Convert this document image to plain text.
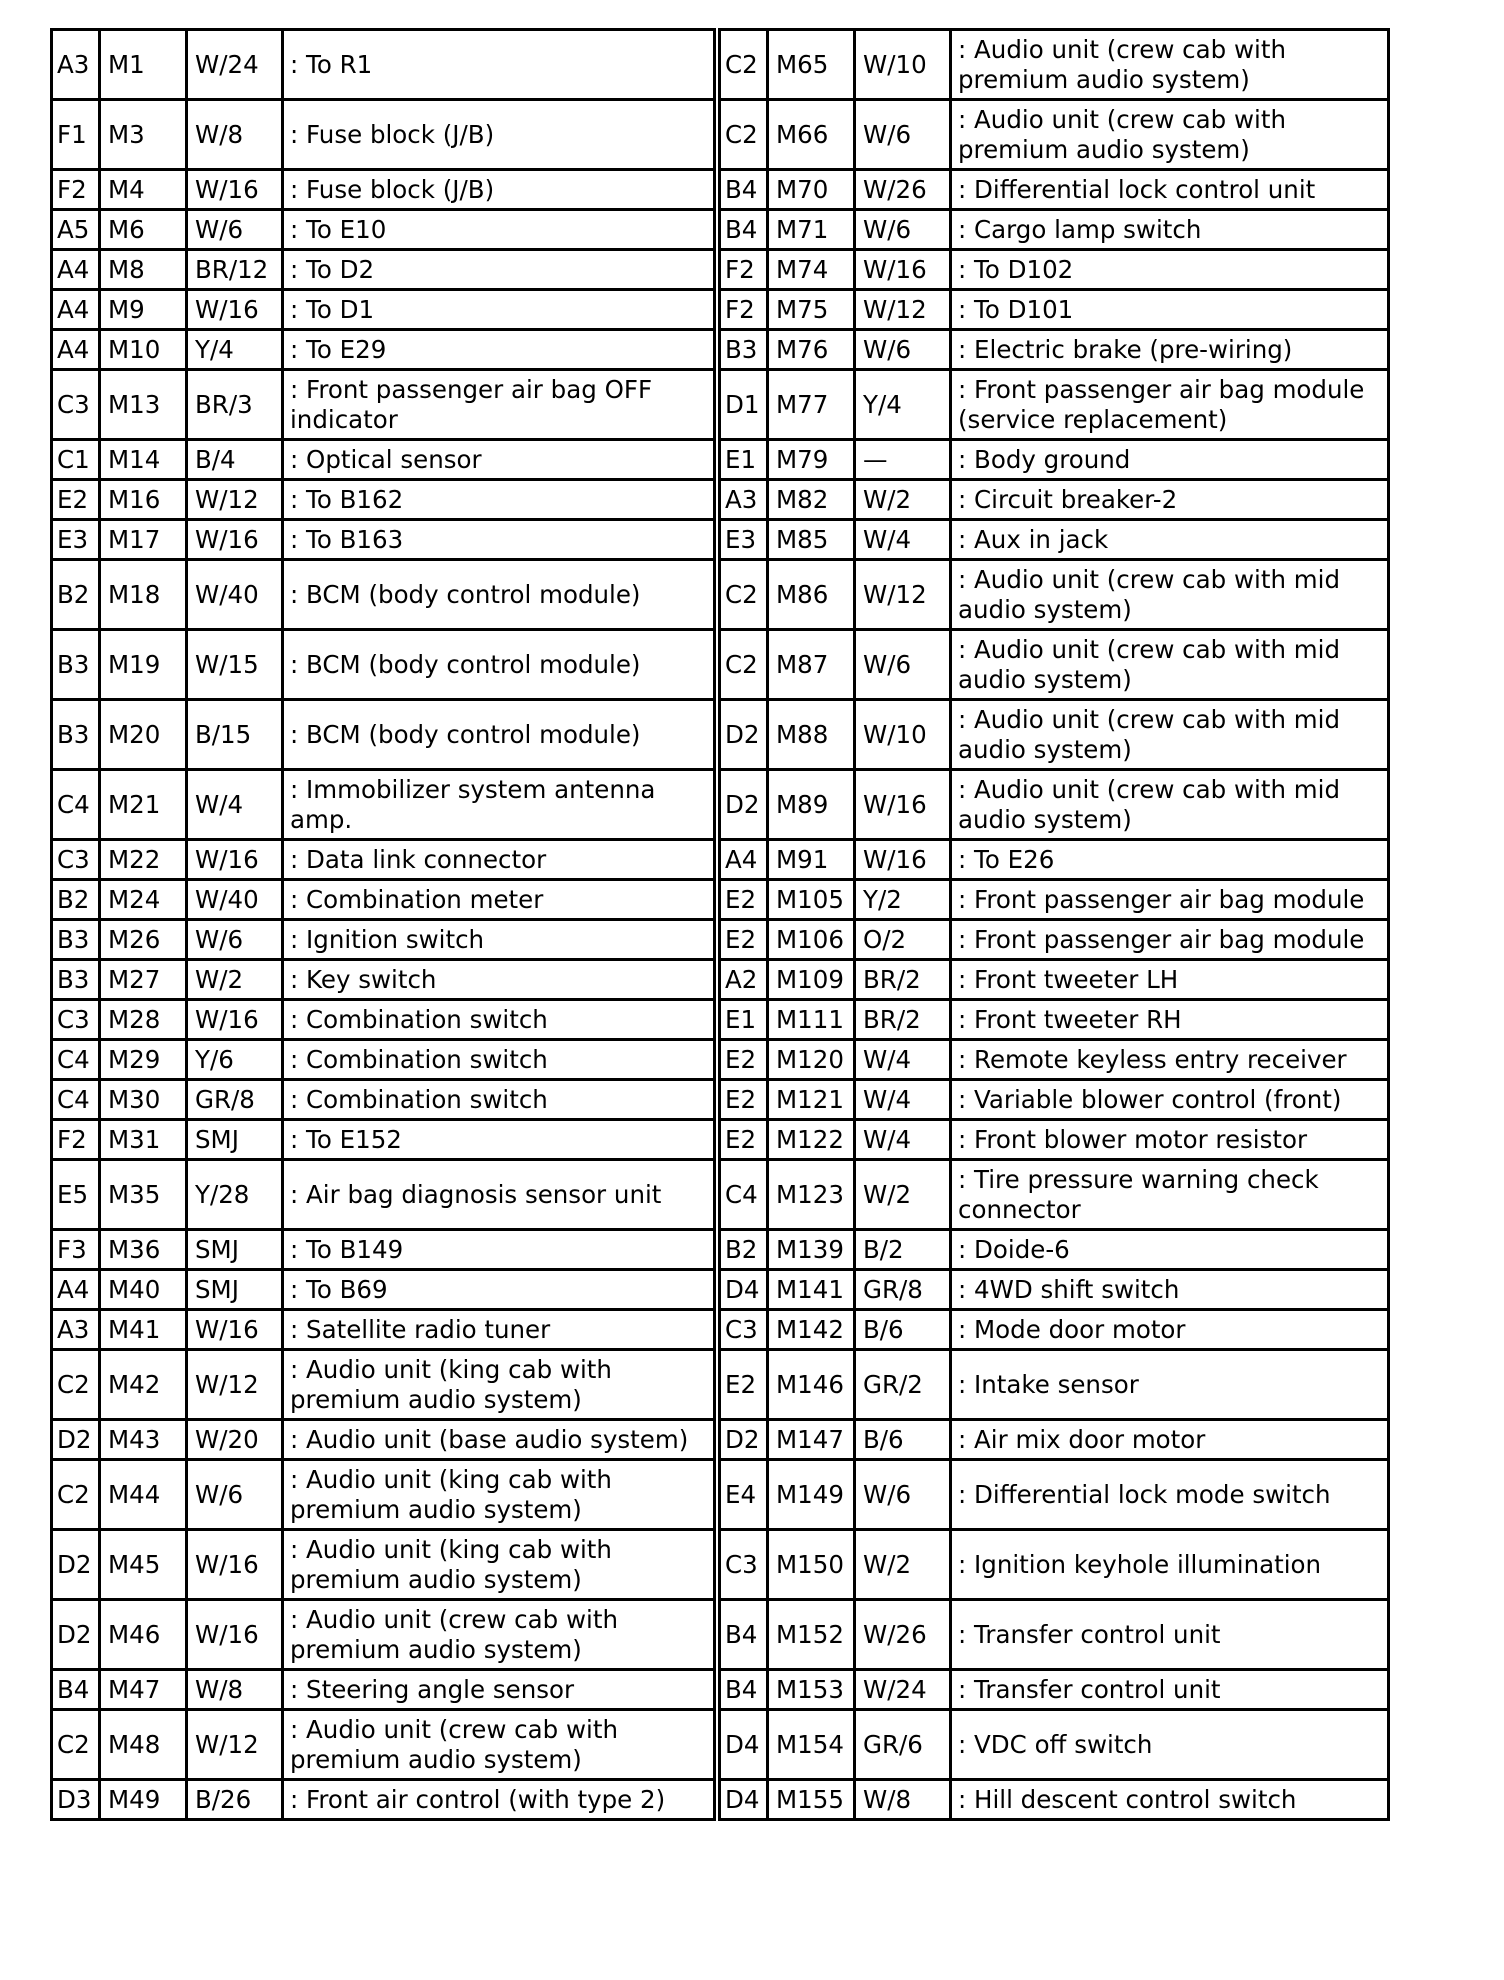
A3	M1	W/24	: To R1
F1	M3	W/8	: Fuse block (J/B)
F2	M4	W/16	: Fuse block (J/B)
A5	M6	W/6	: To E10
A4	M8	BR/12	: To D2
A4	M9	W/16	: To D1
A4	M10	Y/4	: To E29
C3	M13	BR/3	: Front passenger air bag OFF indicator
C1	M14	B/4	: Optical sensor
E2	M16	W/12	: To B162
E3	M17	W/16	: To B163
B2	M18	W/40	: BCM (body control module)
B3	M19	W/15	: BCM (body control module)
B3	M20	B/15	: BCM (body control module)
C4	M21	W/4	: Immobilizer system antenna amp.
C3	M22	W/16	: Data link connector
B2	M24	W/40	: Combination meter
B3	M26	W/6	: Ignition switch
B3	M27	W/2	: Key switch
C3	M28	W/16	: Combination switch
C4	M29	Y/6	: Combination switch
C4	M30	GR/8	: Combination switch
F2	M31	SMJ	: To E152
E5	M35	Y/28	: Air bag diagnosis sensor unit
F3	M36	SMJ	: To B149
A4	M40	SMJ	: To B69
A3	M41	W/16	: Satellite radio tuner
C2	M42	W/12	: Audio unit (king cab with premium audio system)
D2	M43	W/20	: Audio unit (base audio system)
C2	M44	W/6	: Audio unit (king cab with premium audio system)
D2	M45	W/16	: Audio unit (king cab with premium audio system)
D2	M46	W/16	: Audio unit (crew cab with premium audio system)
B4	M47	W/8	: Steering angle sensor
C2	M48	W/12	: Audio unit (crew cab with premium audio system)
D3	M49	B/26	: Front air control (with type 2)
C2	M65	W/10	: Audio unit (crew cab with premium audio system)
C2	M66	W/6	: Audio unit (crew cab with premium audio system)
B4	M70	W/26	: Differential lock control unit
B4	M71	W/6	: Cargo lamp switch
F2	M74	W/16	: To D102
F2	M75	W/12	: To D101
B3	M76	W/6	: Electric brake (pre-wiring)
D1	M77	Y/4	: Front passenger air bag module (service replacement)
E1	M79	—	: Body ground
A3	M82	W/2	: Circuit breaker-2
E3	M85	W/4	: Aux in jack
C2	M86	W/12	: Audio unit (crew cab with mid audio system)
C2	M87	W/6	: Audio unit (crew cab with mid audio system)
D2	M88	W/10	: Audio unit (crew cab with mid audio system)
D2	M89	W/16	: Audio unit (crew cab with mid audio system)
A4	M91	W/16	: To E26
E2	M105	Y/2	: Front passenger air bag module
E2	M106	O/2	: Front passenger air bag module
A2	M109	BR/2	: Front tweeter LH
E1	M111	BR/2	: Front tweeter RH
E2	M120	W/4	: Remote keyless entry receiver
E2	M121	W/4	: Variable blower control (front)
E2	M122	W/4	: Front blower motor resistor
C4	M123	W/2	: Tire pressure warning check connector
B2	M139	B/2	: Doide-6
D4	M141	GR/8	: 4WD shift switch
C3	M142	B/6	: Mode door motor
E2	M146	GR/2	: Intake sensor
D2	M147	B/6	: Air mix door motor
E4	M149	W/6	: Differential lock mode switch
C3	M150	W/2	: Ignition keyhole illumination
B4	M152	W/26	: Transfer control unit
B4	M153	W/24	: Transfer control unit
D4	M154	GR/6	: VDC off switch
D4	M155	W/8	: Hill descent control switch
